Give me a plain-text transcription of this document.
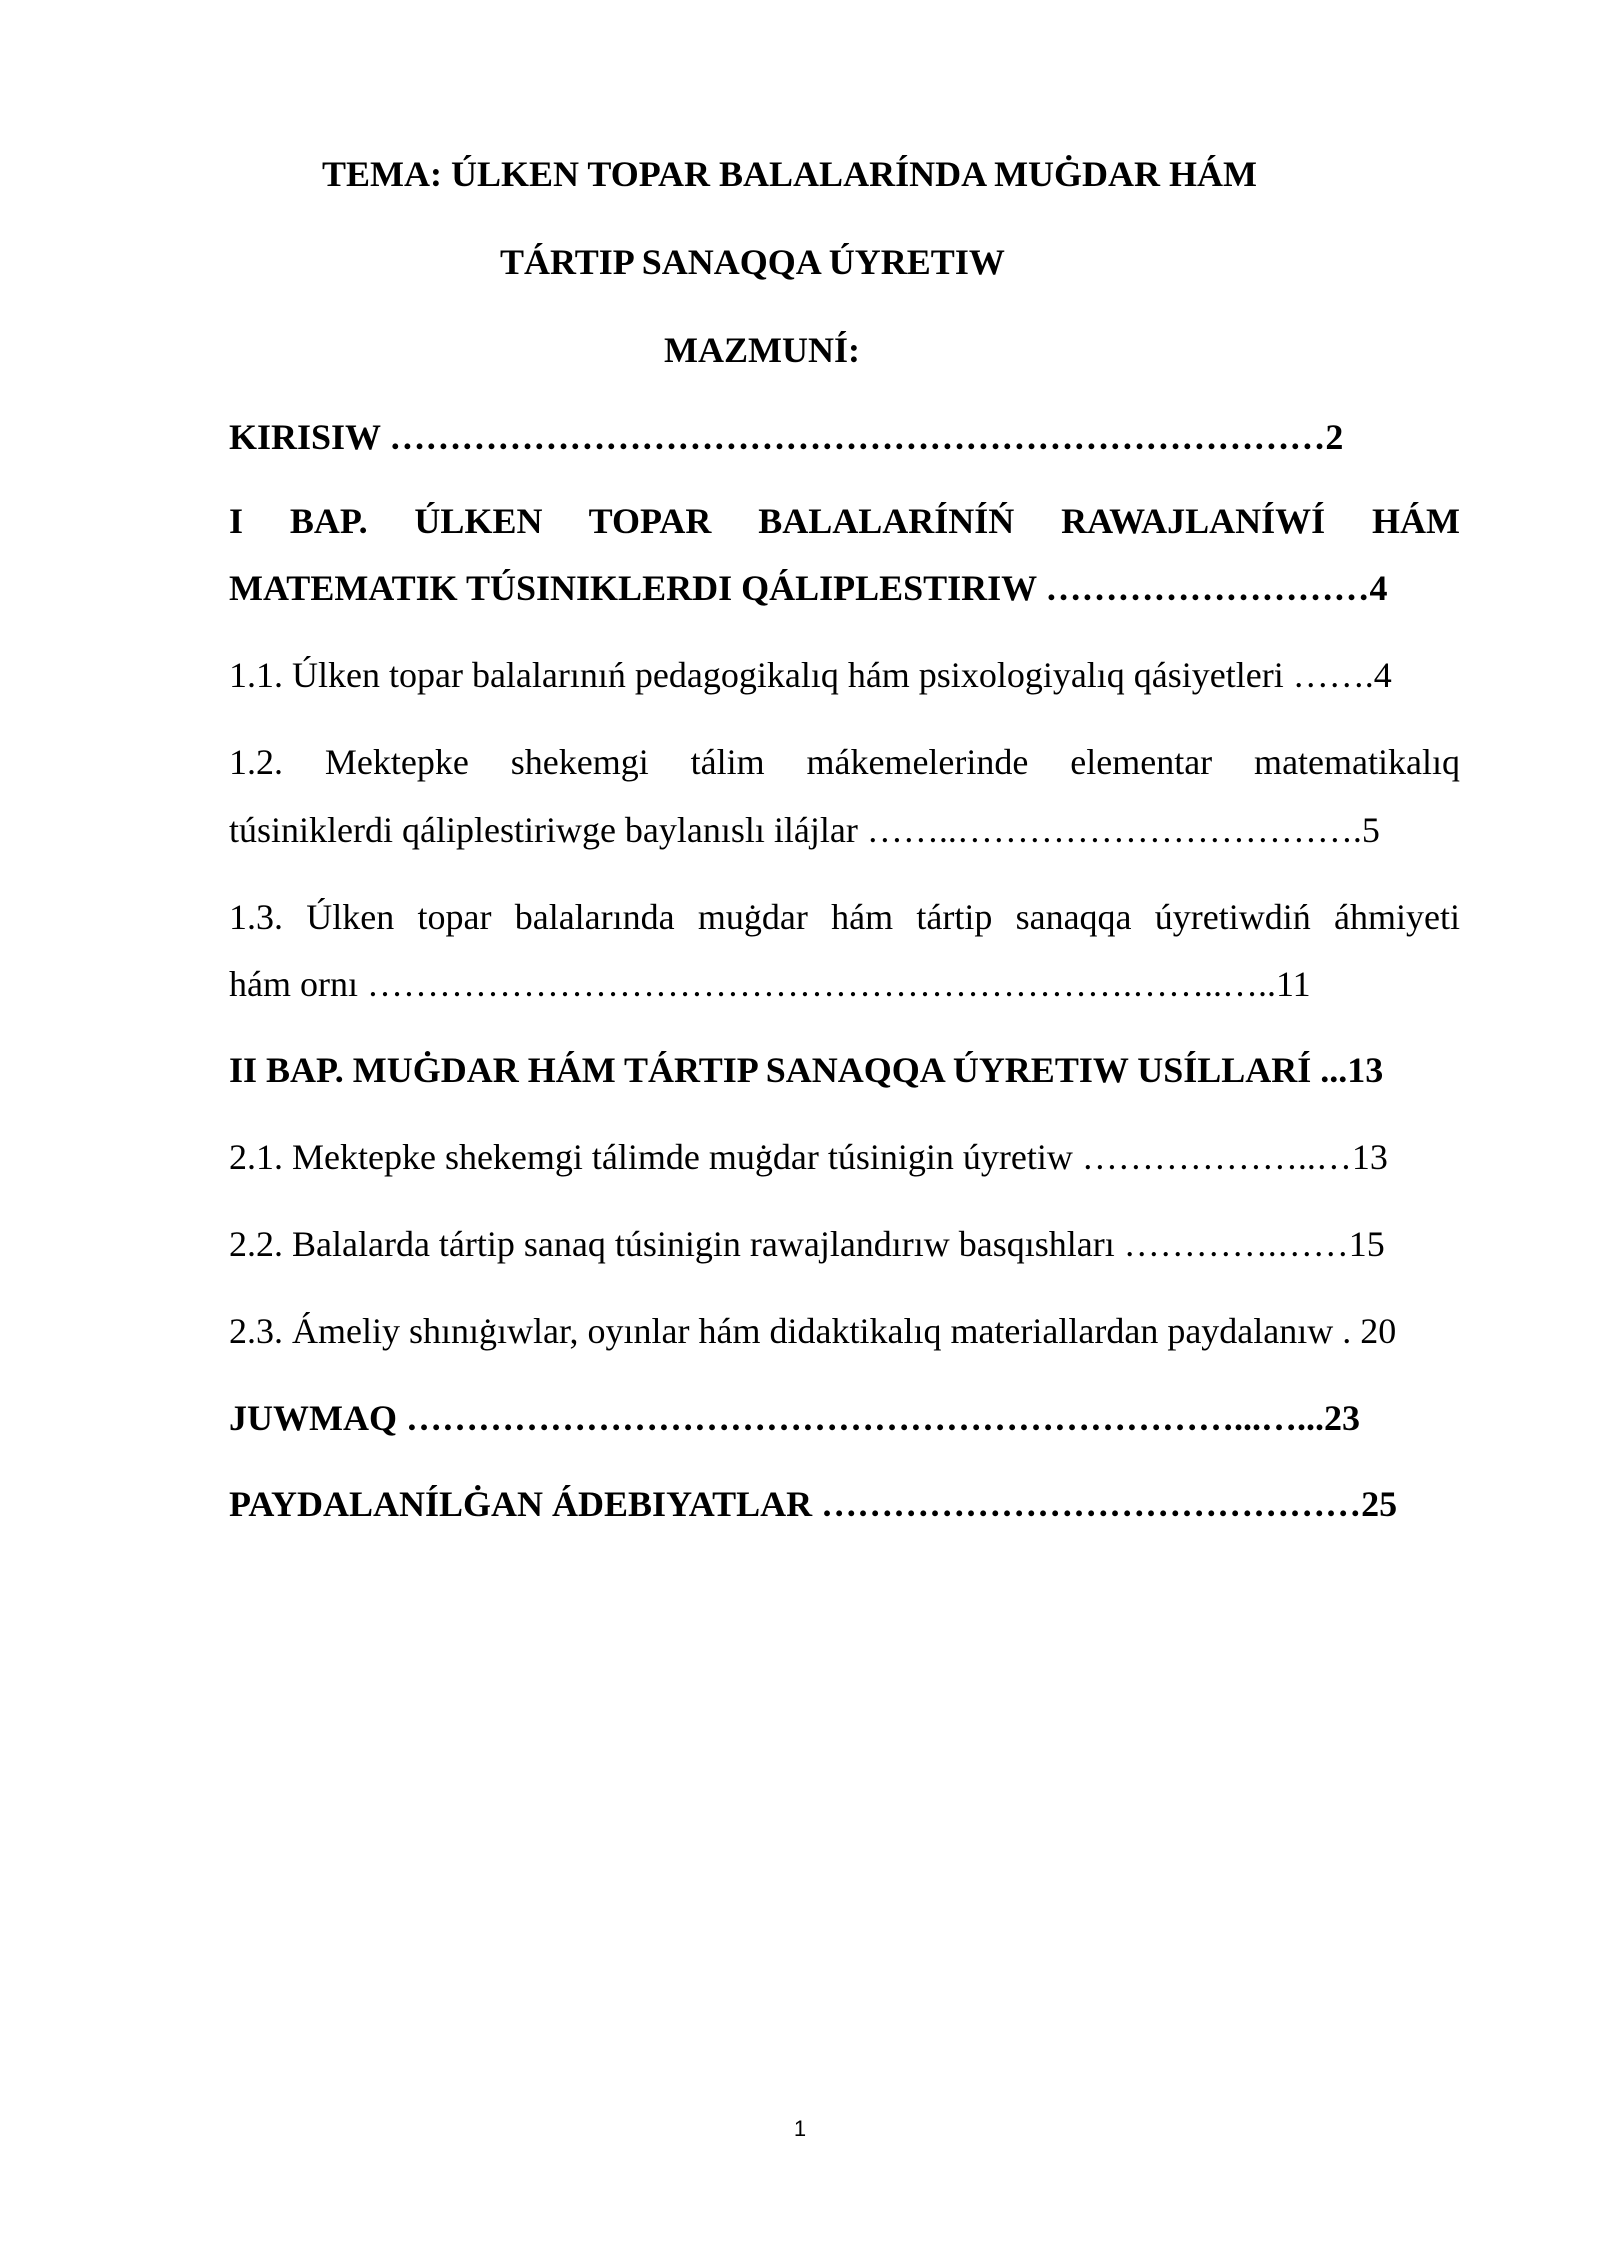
TEMA: ÚLKEN TOPAR BALALARÍNDA MUĠDAR HÁM
TÁRTIP SANAQQA ÚYRETIW
MAZMUNÍ:
KIRISIW ……………………………………………………………………2
I BAP. ÚLKEN TOPAR BALALARÍNÍŃ RAWAJLANÍWÍ HÁM
MATEMATIK TÚSINIKLERDI QÁLIPLESTIRIW ………………………4
1.1. Úlken topar balalarınıń pedagogikalıq hám psixologiyalıq qásiyetleri …….4
1.2. Mektepke shekemgi tálim mákemelerinde elementar matematikalıq
túsiniklerdi qáliplestiriwge baylanıslı ilájlar ……..…………………………….5
1.3. Úlken topar balalarında muġdar hám tártip sanaqqa úyretiwdiń áhmiyeti
hám ornı ……………………………………………………….……..…..11
II BAP. MUĠDAR HÁM TÁRTIP SANAQQA ÚYRETIW USÍLLARÍ ...13
2.1. Mektepke shekemgi tálimde muġdar túsinigin úyretiw ………………..…13
2.2. Balalarda tártip sanaq túsinigin rawajlandırıw basqıshları ………….……15
2.3. Ámeliy shınıġıwlar, oyınlar hám didaktikalıq materiallardan paydalanıw . 20
JUWMAQ ……………………………………………………………...…...23
PAYDALANÍLĠAN ÁDEBIYATLAR ………………………………………25
1
